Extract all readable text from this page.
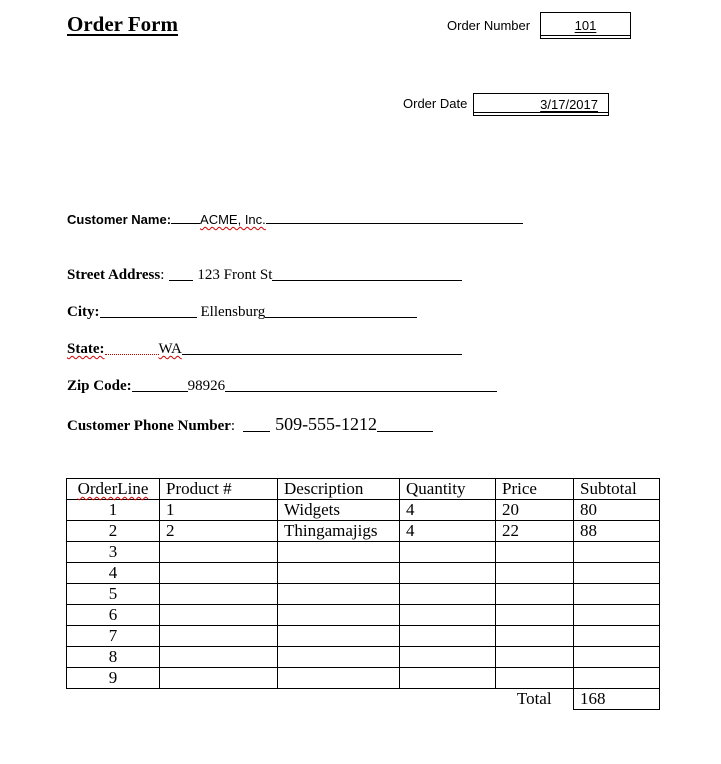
Order Form	Order Number	101
Order Date	3/17/2017
Customer Name: ACME, Inc.
Street Address : 123 Front St
City:	Ellensburg
State:	WA
Zip Code:	98926
Customer Phone Number : 509-555-1212
OrderLine	Product #	Description	Quantity	Price	Subtotal
1	1	Widgets	4	20	80
2	2	Thingamajigs	4	22	88
3					
4					
5					
6					
7					
8					
9					
				Total	168
